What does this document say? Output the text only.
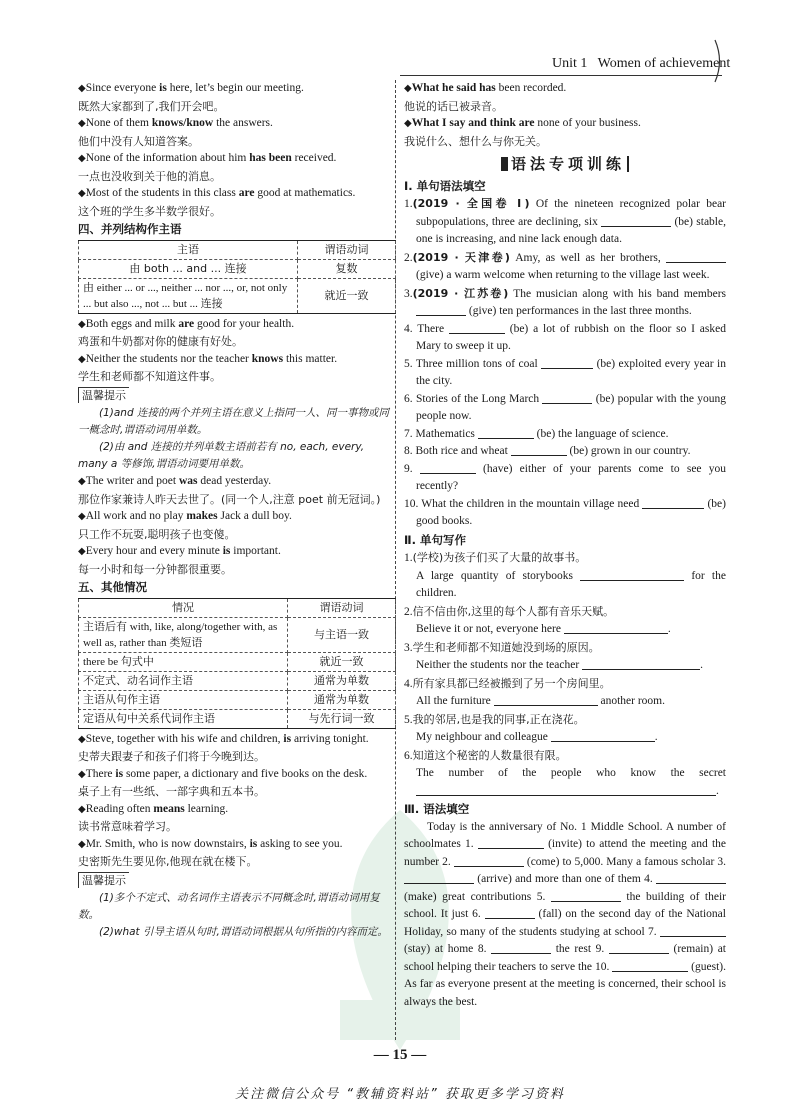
Unit 1 Women of achievement
◆Since everyone is here, let’s begin our meeting.
既然大家都到了,我们开会吧。
◆None of them knows/know the answers.
他们中没有人知道答案。
◆None of the information about him has been received.
一点也没收到关于他的消息。
◆Most of the students in this class are good at mathematics.
这个班的学生多半数学很好。
四、并列结构作主语
主语	谓语动词
由 both ... and ... 连接	复数
由 either ... or ..., neither ... nor ..., or, not only ... but also ..., not ... but ... 连接	就近一致
◆Both eggs and milk are good for your health.
鸡蛋和牛奶都对你的健康有好处。
◆Neither the students nor the teacher knows this matter.
学生和老师都不知道这件事。
温馨提示

(1)and 连接的两个并列主语在意义上指同一人、同一事物或同一概念时,谓语动词用单数。

(2)由 and 连接的并列单数主语前若有 no, each, every, many a 等修饰,谓语动词要用单数。

◆The writer and poet was dead yesterday.
那位作家兼诗人昨天去世了。(同一个人,注意 poet 前无冠词。)
◆All work and no play makes Jack a dull boy.
只工作不玩耍,聪明孩子也变傻。
◆Every hour and every minute is important.
每一小时和每一分钟都很重要。
五、其他情况
情况	谓语动词
主语后有 with, like, along/together with, as well as, rather than 类短语	与主语一致
there be 句式中	就近一致
不定式、动名词作主语	通常为单数
主语从句作主语	通常为单数
定语从句中关系代词作主语	与先行词一致
◆Steve, together with his wife and children, is arriving tonight.
史蒂夫跟妻子和孩子们将于今晚到达。
◆There is some paper, a dictionary and five books on the desk.
桌子上有一些纸、一部字典和五本书。
◆Reading often means learning.
读书常意味着学习。
◆Mr. Smith, who is now downstairs, is asking to see you.
史密斯先生要见你,他现在就在楼下。
温馨提示

(1)多个不定式、动名词作主语表示不同概念时,谓语动词用复数。

(2)what 引导主语从句时,谓语动词根据从句所指的内容而定。

◆What he said has been recorded.
他说的话已被录音。
◆What I say and think are none of your business.
我说什么、想什么与你无关。
语法专项训练
Ⅰ. 单句语法填空

1.(2019 · 全国卷 Ⅰ) Of the nineteen recognized polar bear subpopulations, three are declining, six	(be) stable, one is increasing, and nine lack enough data.

2.(2019 · 天津卷) Amy, as well as her brothers,  (give) a warm welcome when returning to the village last week.

3.(2019 · 江苏卷) The musician along with his band members  (give) ten performances in the last three months.

4. There	(be) a lot of rubbish on the floor so I asked Mary to sweep it up.

5. Three million tons of coal	(be) exploited every year in the city.

6. Stories of the Long March	(be) popular with the young people now.

7. Mathematics	(be) the language of science.

8. Both rice and wheat	(be) grown in our country.

9.	(have) either of your parents come to see you recently?

10. What the children in the mountain village need	(be) good books.

Ⅱ. 单句写作

1.(学校)为孩子们买了大量的故事书。
A large quantity of storybooks	for the children.

2.信不信由你,这里的每个人都有音乐天赋。
Believe it or not, everyone here	.

3.学生和老师都不知道她没到场的原因。
Neither the students nor the teacher	.

4.所有家具都已经被搬到了另一个房间里。
All the furniture	another room.

5.我的邻居,也是我的同事,正在浇花。
My neighbour and colleague	.

6.知道这个秘密的人数量很有限。
The number of the people who know the secret .

Ⅲ. 语法填空

Today is the anniversary of No. 1 Middle School. A number of schoolmates 1.	(invite) to attend the meeting and the number 2.	(come) to 5,000. Many a famous scholar 3.  (arrive) and more than one of them 4.  (make) great contributions 5.	the building of their school. It just 6.	(fall) on the second day of the National Holiday, so many of the students studying at school 7.  (stay) at home 8.	the rest 9.	(remain) at school helping their teachers to serve the 10.	(guest). As far as everyone present at the meeting is concerned, their school is always the best.

— 15 —
关注微信公众号 “教辅资料站” 获取更多学习资料
